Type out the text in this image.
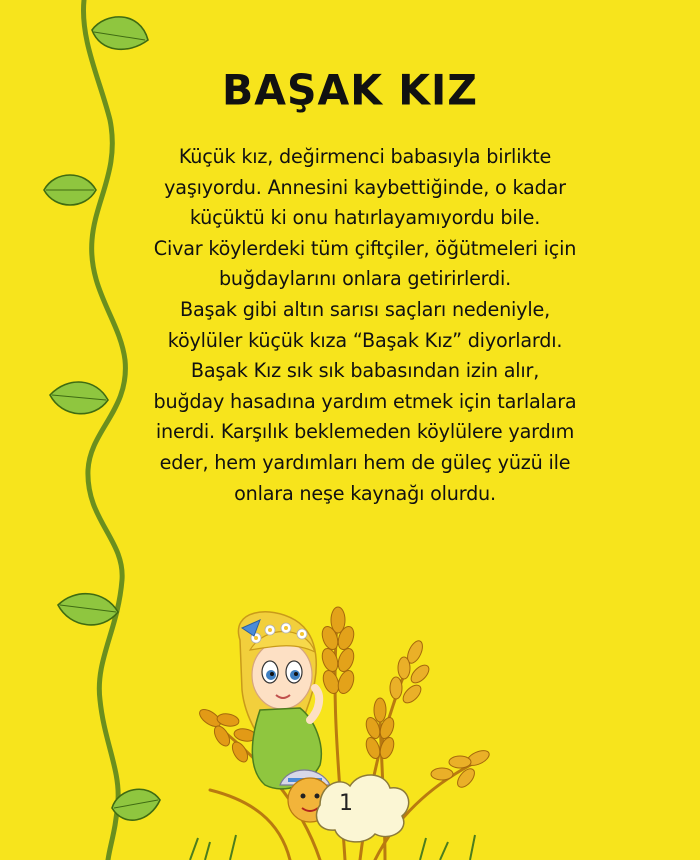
BAŞAK KIZ

Küçük kız, değirmenci babasıyla birlikte
yaşıyordu. Annesini kaybettiğinde, o kadar
küçüktü ki onu hatırlayamıyordu bile.
Civar köylerdeki tüm çiftçiler, öğütmeleri için
buğdaylarını onlara getirirlerdi.
Başak gibi altın sarısı saçları nedeniyle,
köylüler küçük kıza “Başak Kız” diyorlardı.
Başak Kız sık sık babasından izin alır,
buğday hasadına yardım etmek için tarlalara
inerdi. Karşılık beklemeden köylülere yardım
eder, hem yardımları hem de güleç yüzü ile
onlara neşe kaynağı olurdu.

1
